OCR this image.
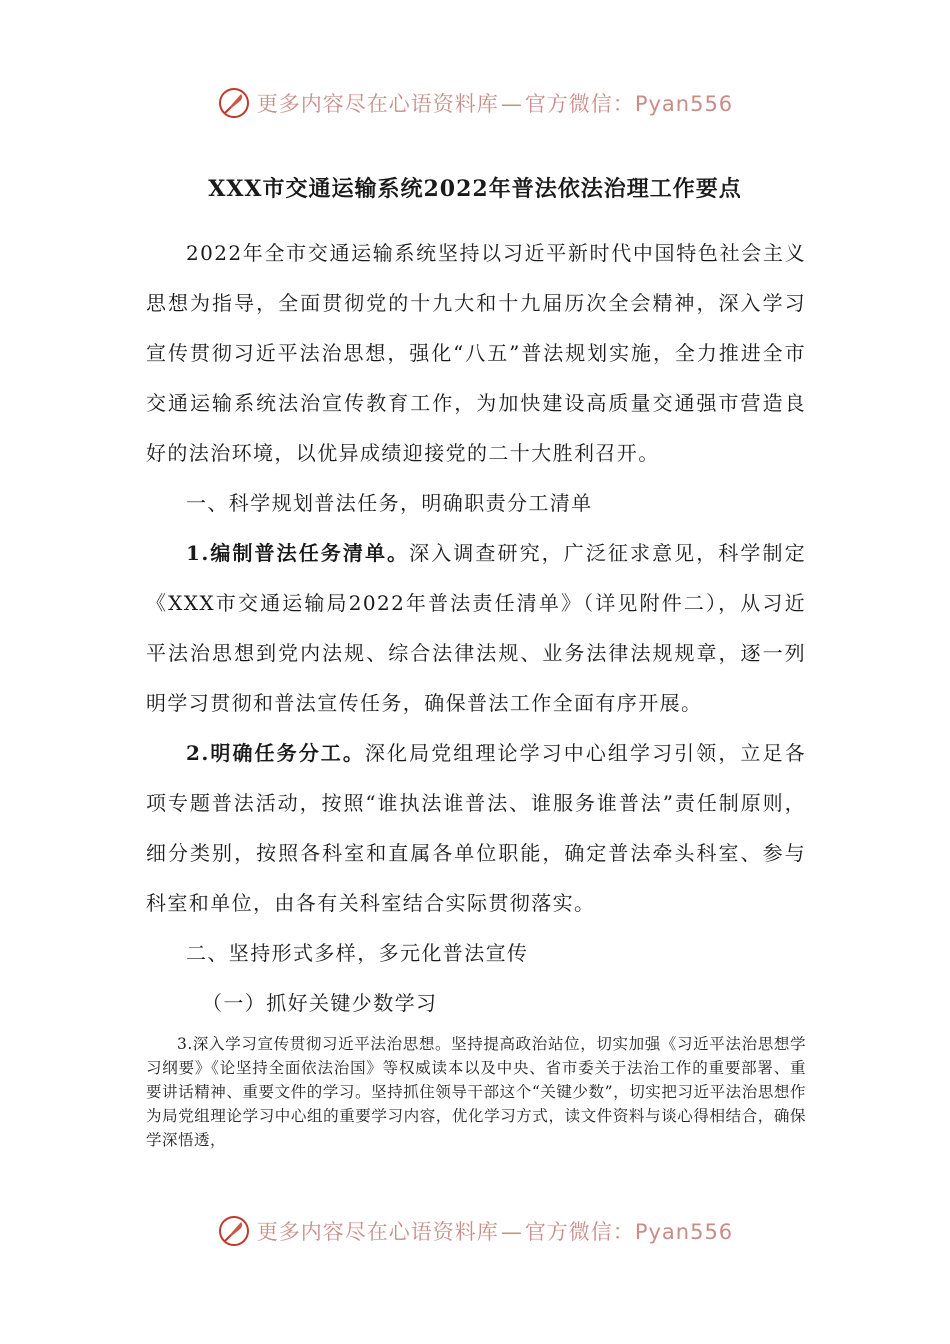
更多内容尽在心语资料库—官方微信：Pyan556
XXX市交通运输系统2022年普法依法治理工作要点

2022年全市交通运输系统坚持以习近平新时代中国特色社会主义思想为指导，全面贯彻党的十九大和十九届历次全会精神，深入学习宣传贯彻习近平法治思想，强化“八五”普法规划实施，全力推进全市交通运输系统法治宣传教育工作，为加快建设高质量交通强市营造良好的法治环境，以优异成绩迎接党的二十大胜利召开。

一、科学规划普法任务，明确职责分工清单

1.编制普法任务清单。深入调查研究，广泛征求意见，科学制定《XXX市交通运输局2022年普法责任清单》（详见附件二），从习近平法治思想到党内法规、综合法律法规、业务法律法规规章，逐一列明学习贯彻和普法宣传任务，确保普法工作全面有序开展。

2.明确任务分工。深化局党组理论学习中心组学习引领，立足各项专题普法活动，按照“谁执法谁普法、谁服务谁普法”责任制原则，细分类别，按照各科室和直属各单位职能，确定普法牵头科室、参与科室和单位，由各有关科室结合实际贯彻落实。

二、坚持形式多样，多元化普法宣传

（一）抓好关键少数学习

3.深入学习宣传贯彻习近平法治思想。坚持提高政治站位，切实加强《习近平法治思想学习纲要》《论坚持全面依法治国》等权威读本以及中央、省市委关于法治工作的重要部署、重要讲话精神、重要文件的学习。坚持抓住领导干部这个“关键少数”，切实把习近平法治思想作为局党组理论学习中心组的重要学习内容，优化学习方式，读文件资料与谈心得相结合，确保学深悟透，

更多内容尽在心语资料库—官方微信：Pyan556
